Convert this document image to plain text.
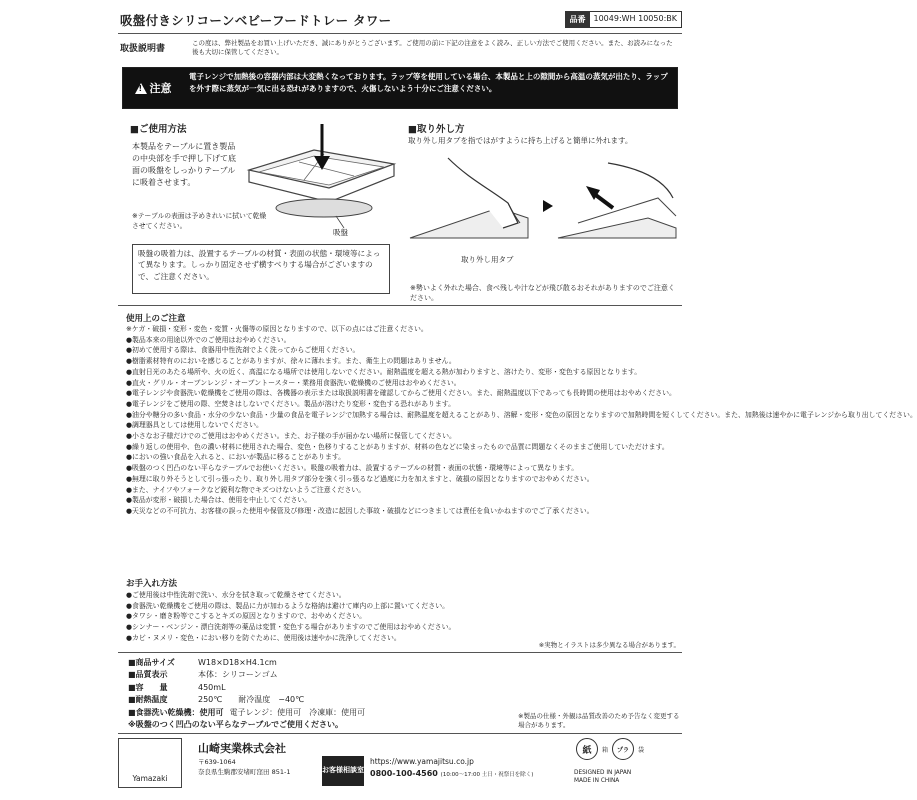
吸盤付きシリコーンベビーフードトレー タワー	品番	10049:WH 10050:BK
取扱説明書
この度は、弊社製品をお買い上げいただき、誠にありがとうございます。ご使用の前に下記の注意をよく読み、正しい方法でご使用ください。また、お読みになった後も大切に保管してください。
!
注意
電子レンジで加熱後の容器内部は大変熱くなっております。ラップ等を使用している場合、本製品と上の隙間から高温の蒸気が出たり、ラップを外す際に蒸気が一気に出る恐れがありますので、火傷しないよう十分にご注意ください。
■ご使用方法
本製品をテーブルに置き製品の中央部を手で押し下げて底面の吸盤をしっかりテーブルに吸着させます。
吸盤
※テーブルの表面は予めきれいに拭いて乾燥させてください。
吸盤の吸着力は、設置するテーブルの材質・表面の状態・環境等によって異なります。しっかり固定させず横すべりする場合がございますので、ご注意ください。
■取り外し方
取り外し用タブを指ではがすように持ち上げると簡単に外れます。
取り外し用タブ
※勢いよく外れた場合、食べ残しや汁などが飛び散るおそれがありますのでご注意ください。
使用上のご注意
※ケガ・破損・変形・変色・変質・火傷等の原因となりますので、以下の点にはご注意ください。
●製品本来の用途以外でのご使用はおやめください。
●初めて使用する際は、食器用中性洗剤でよく洗ってからご使用ください。
●樹脂素材特有のにおいを感じることがありますが、徐々に薄れます。また、衛生上の問題はありません。
●直射日光のあたる場所や、火の近く、高温になる場所では使用しないでください。耐熱温度を超える熱が加わりますと、溶けたり、変形・変色する原因となります。
●直火・グリル・オーブンレンジ・オーブントースター・業務用食器洗い乾燥機のご使用はおやめください。
●電子レンジや食器洗い乾燥機をご使用の際は、各機器の表示または取扱説明書を確認してからご使用ください。また、耐熱温度以下であっても長時間の使用はおやめください。
●電子レンジをご使用の際、空焚きはしないでください。製品が溶けたり変形・変色する恐れがあります。
●油分や糖分の多い食品・水分の少ない食品・少量の食品を電子レンジで加熱する場合は、耐熱温度を超えることがあり、溶解・変形・変色の原因となりますので加熱時間を短くしてください。また、加熱後は速やかに電子レンジから取り出してください。
●調理器具としては使用しないでください。
●小さなお子様だけでのご使用はおやめください。また、お子様の手が届かない場所に保管してください。
●繰り返しの使用や、色の濃い材料に使用された場合、変色・色移りすることがありますが、材料の色などに染まったもので品質に問題なくそのままご使用していただけます。
●においの強い食品を入れると、においが製品に移ることがあります。
●吸盤のつく凹凸のない平らなテーブルでお使いください。吸盤の吸着力は、設置するテーブルの材質・表面の状態・環境等によって異なります。
●無理に取り外そうとして引っ張ったり、取り外し用タブ部分を強く引っ張るなど過度に力を加えますと、破損の原因となりますのでおやめください。
●また、ナイフやフォークなど鋭利な物でキズつけないようご注意ください。
●製品が変形・破損した場合は、使用を中止してください。
●天災などの不可抗力、お客様の誤った使用や保管及び修理・改造に起因した事故・破損などにつきましては責任を負いかねますのでご了承ください。
お手入れ方法
●ご使用後は中性洗剤で洗い、水分を拭き取って乾燥させてください。
●食器洗い乾燥機をご使用の際は、製品に力が加わるような格納は避けて庫内の上部に置いてください。
●タワシ・磨き粉等でこするとキズの原因となりますので、おやめください。
●シンナー・ベンジン・漂白洗剤等の薬品は変質・変色する場合がありますのでご使用はおやめください。
●カビ・ヌメリ・変色・におい移りを防ぐために、使用後は速やかに洗浄してください。
※実物とイラストは多少異なる場合があります。
■商品サイズ	W18×D18×H4.1cm
■品質表示	本体：シリコーンゴム
■容　　量	450mL
■耐熱温度	250℃　　耐冷温度　−40℃
■食器洗い乾燥機：使用可 電子レンジ：使用可　冷凍庫：使用可
※吸盤のつく凹凸のない平らなテーブルでご使用ください。
※製品の仕様・外観は品質改善のため予告なく変更する場合があります。
Yamazaki
山崎実業株式会社
〒639-1064
奈良県生駒郡安堵町窪田 851-1	お客様相談室
https://www.yamajitsu.co.jp
0800-100-4560 (10:00〜17:00 土日・祝祭日を除く)
紙	箱	プラ	袋
DESIGNED IN JAPAN
MADE IN CHINA
